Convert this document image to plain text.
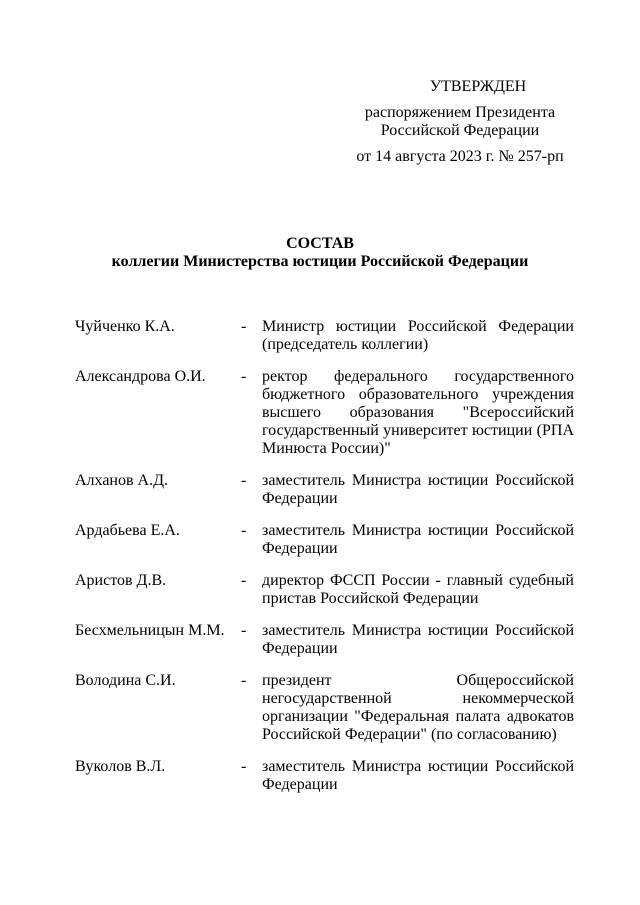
УТВЕРЖДЕН
распоряжением Президента
Российской Федерации
от 14 августа 2023 г. № 257-рп
СОСТАВ
коллегии Министерства юстиции Российской Федерации
Чуйченко К.А.	- Министр юстиции Российской Федерации (председатель коллегии)
Александрова О.И. - ректор федерального государственного бюджетного образовательного учреждения высшего образования "Всероссийский государственный университет юстиции (РПА Минюста России)"
Алханов А.Д.	- заместитель Министра юстиции Российской Федерации
Ардабьева Е.А.	- заместитель Министра юстиции Российской Федерации
Аристов Д.В.	- директор ФССП России - главный судебный пристав Российской Федерации
Бесхмельницын М.М. - заместитель Министра юстиции Российской Федерации
Володина С.И.	- президент Общероссийской негосударственной некоммерческой организации "Федеральная палата адвокатов Российской Федерации" (по согласованию)
Вуколов В.Л.	- заместитель Министра юстиции Российской Федерации
